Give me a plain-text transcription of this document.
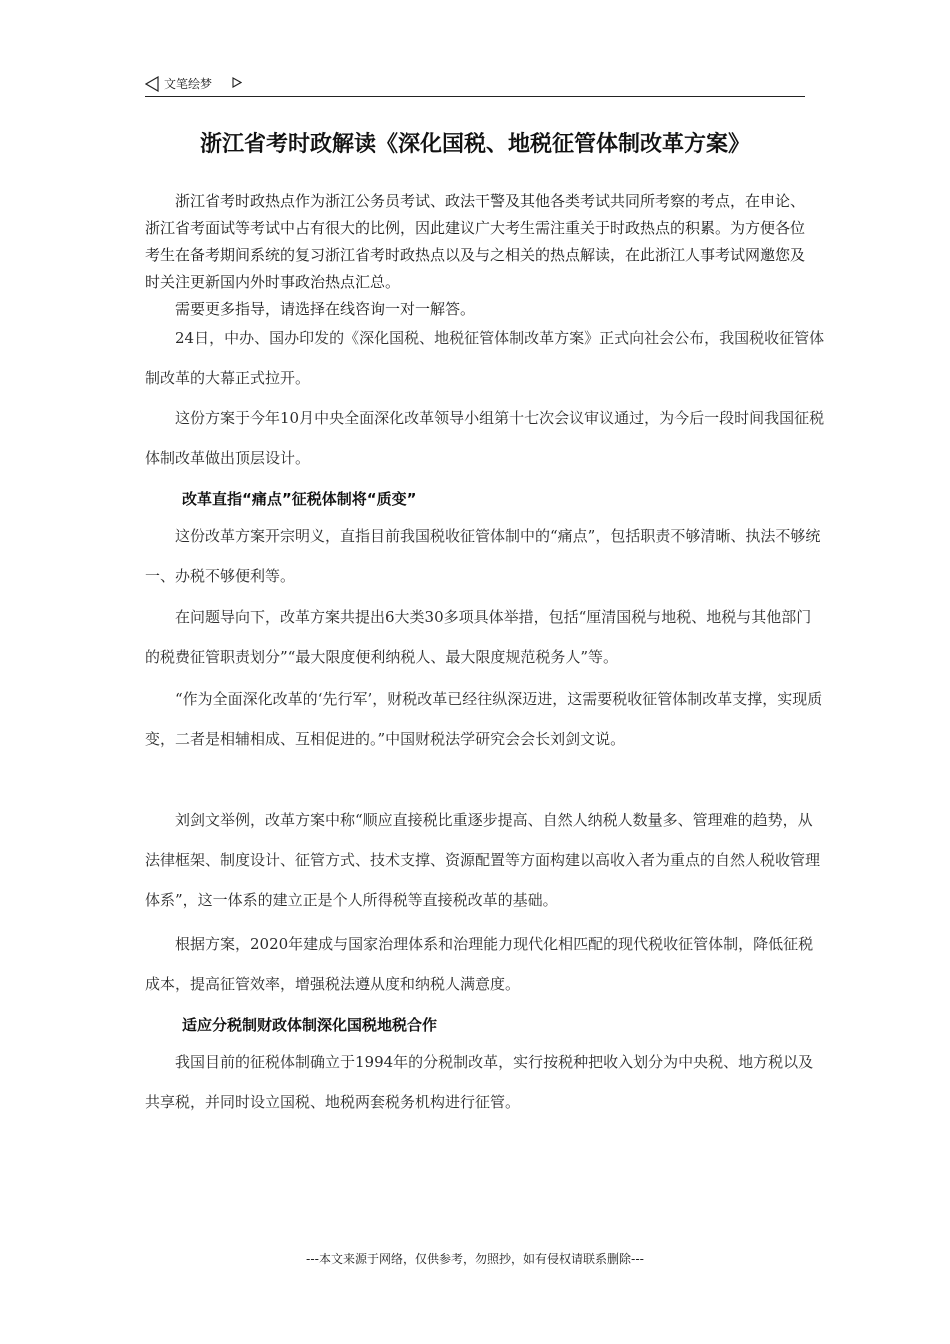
文笔绘梦
浙江省考时政解读《深化国税、地税征管体制改革方案》

浙江省考时政热点作为浙江公务员考试、政法干警及其他各类考试共同所考察的考点，在申论、浙江省考面试等考试中占有很大的比例，因此建议广大考生需注重关于时政热点的积累。为方便各位考生在备考期间系统的复习浙江省考时政热点以及与之相关的热点解读，在此浙江人事考试网邀您及时关注更新国内外时事政治热点汇总。

需要更多指导，请选择在线咨询一对一解答。

24日，中办、国办印发的《深化国税、地税征管体制改革方案》正式向社会公布，我国税收征管体制改革的大幕正式拉开。

这份方案于今年10月中央全面深化改革领导小组第十七次会议审议通过，为今后一段时间我国征税体制改革做出顶层设计。

改革直指“痛点”征税体制将“质变”

这份改革方案开宗明义，直指目前我国税收征管体制中的“痛点”，包括职责不够清晰、执法不够统一、办税不够便利等。

在问题导向下，改革方案共提出6大类30多项具体举措，包括“厘清国税与地税、地税与其他部门的税费征管职责划分”“最大限度便利纳税人、最大限度规范税务人”等。

“作为全面深化改革的‘先行军’，财税改革已经往纵深迈进，这需要税收征管体制改革支撑，实现质变，二者是相辅相成、互相促进的。”中国财税法学研究会会长刘剑文说。

刘剑文举例，改革方案中称“顺应直接税比重逐步提高、自然人纳税人数量多、管理难的趋势，从法律框架、制度设计、征管方式、技术支撑、资源配置等方面构建以高收入者为重点的自然人税收管理体系”，这一体系的建立正是个人所得税等直接税改革的基础。

根据方案，2020年建成与国家治理体系和治理能力现代化相匹配的现代税收征管体制，降低征税成本，提高征管效率，增强税法遵从度和纳税人满意度。

适应分税制财政体制深化国税地税合作

我国目前的征税体制确立于1994年的分税制改革，实行按税种把收入划分为中央税、地方税以及共享税，并同时设立国税、地税两套税务机构进行征管。

---本文来源于网络，仅供参考，勿照抄，如有侵权请联系删除---
